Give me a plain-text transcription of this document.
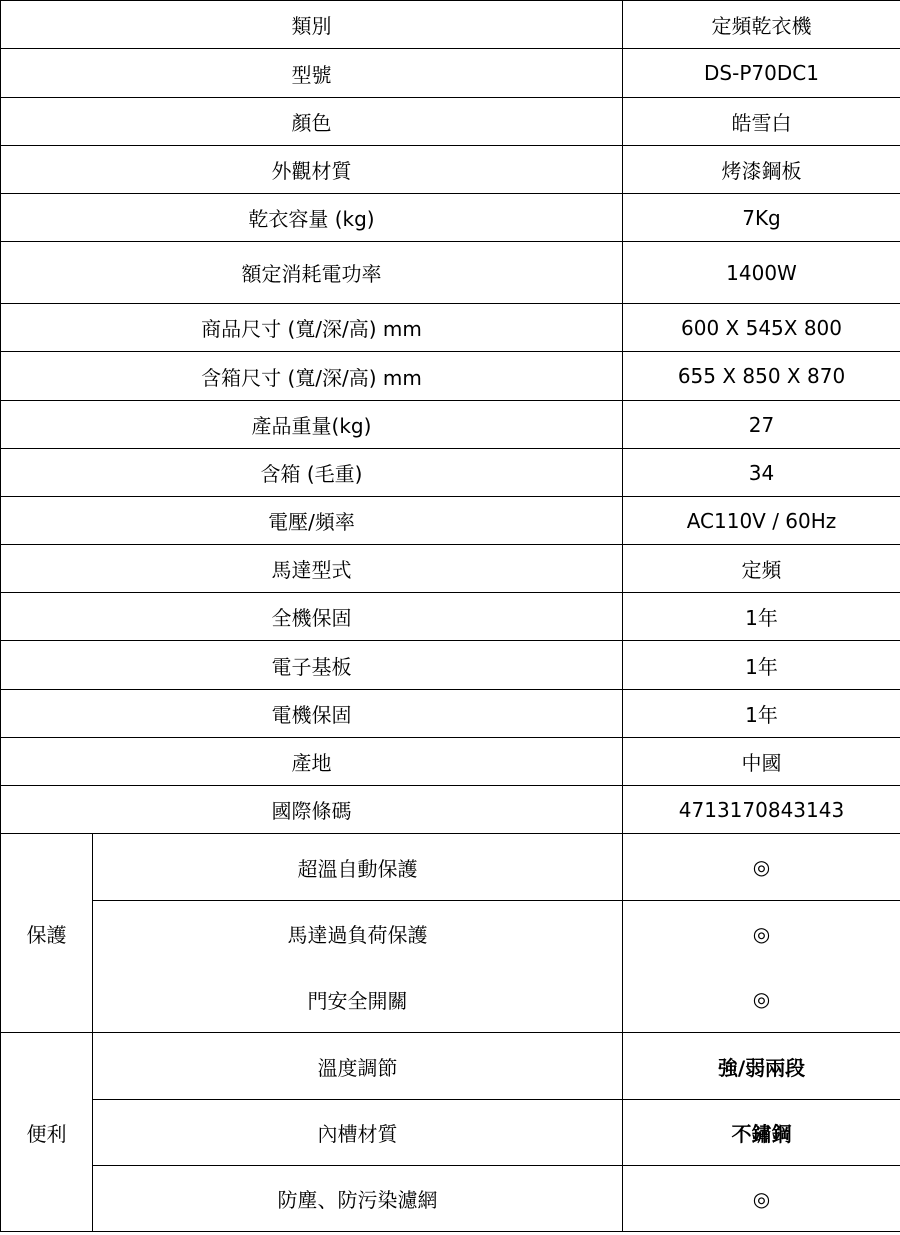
類別		定頻乾衣機
型號		DS-P70DC1
顏色		皓雪白
外觀材質		烤漆鋼板
乾衣容量 (kg)		7Kg
額定消耗電功率		1400W
商品尺寸 (寬/深/高) mm		600 X 545X 800
含箱尺寸 (寬/深/高) mm		655 X 850 X 870
產品重量(kg)		27
含箱 (毛重)		34
電壓/頻率		AC110V / 60Hz
馬達型式		定頻
全機保固		1年
電子基板		1年
電機保固		1年
產地		中國
國際條碼		4713170843143
保護	超溫自動保護	◎
	馬達過負荷保護	◎
	門安全開關	◎
便利	溫度調節	強/弱兩段
	內槽材質	不鏽鋼
	防塵、防污染濾網	◎
